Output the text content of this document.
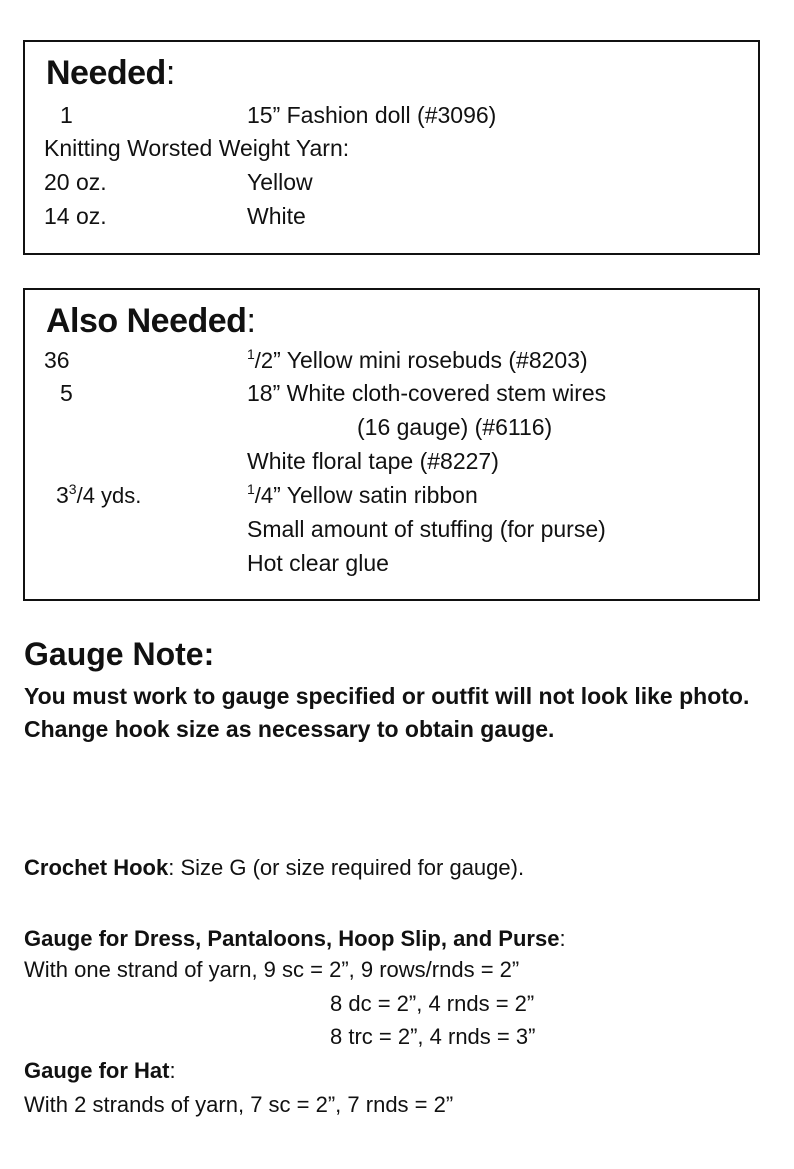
Needed:
1	15” Fashion doll (#3096)
Knitting Worsted Weight Yarn:
20 oz.	Yellow
14 oz.	White
Also Needed:
36	$^1$/2” Yellow mini rosebuds (#8203)
5	18” White cloth-covered stem wires
(16 gauge) (#6116)
White floral tape (#8227)
$3^3/4$ yds.	$^1$/4” Yellow satin ribbon
Small amount of stuffing (for purse)
Hot clear glue
Gauge Note:
You must work to gauge specified or outfit will not look like photo. Change hook size as necessary to obtain gauge.
Crochet Hook: Size G (or size required for gauge).
Gauge for Dress, Pantaloons, Hoop Slip, and Purse:
With one strand of yarn, 9 sc = 2”, 9 rows/rnds = 2”
8 dc = 2”, 4 rnds = 2”
8 trc = 2”, 4 rnds = 3”
Gauge for Hat:
With 2 strands of yarn, 7 sc = 2”, 7 rnds = 2”
